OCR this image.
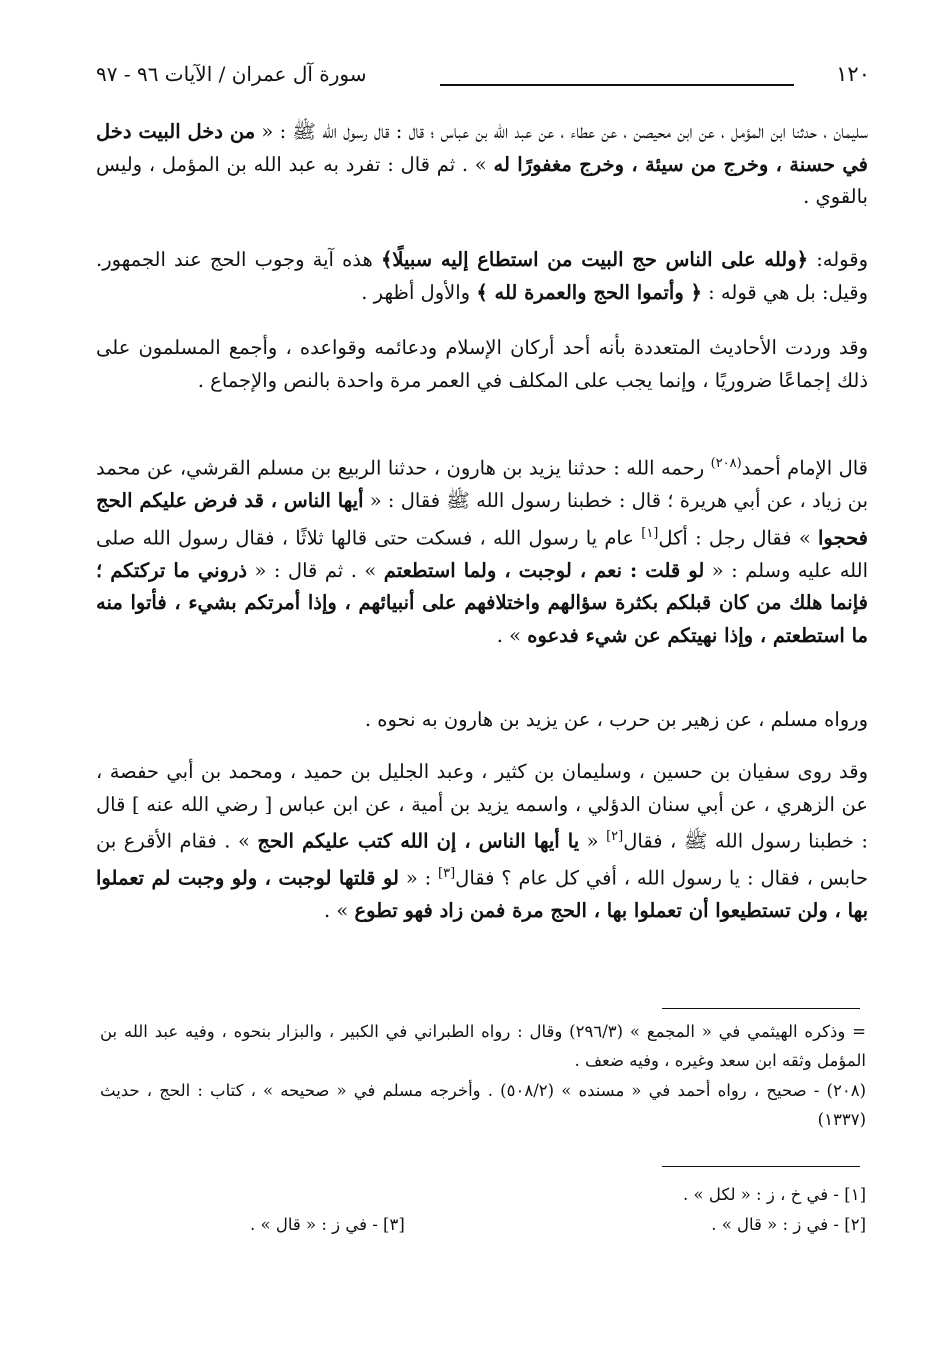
١٢٠
سورة آل عمران / الآيات ٩٦ - ٩٧

سليمان ، حدثنا ابن المؤمل ، عن ابن محيصن ، عن عطاء ، عن عبد الله بن عباس ؛ قال : قال رسول الله ﷺ : « من دخل البيت دخل في حسنة ، وخرج من سيئة ، وخرج مغفورًا له » . ثم قال : تفرد به عبد الله بن المؤمل ، وليس بالقوي .

وقوله: ﴿ولله على الناس حج البيت من استطاع إليه سبيلًا﴾ هذه آية وجوب الحج عند الجمهور. وقيل: بل هي قوله : ﴿ وأتموا الحج والعمرة لله ﴾ والأول أظهر .

وقد وردت الأحاديث المتعددة بأنه أحد أركان الإسلام ودعائمه وقواعده ، وأجمع المسلمون على ذلك إجماعًا ضروريًا ، وإنما يجب على المكلف في العمر مرة واحدة بالنص والإجماع .

قال الإمام أحمد$^{(٢٠٨)}$ رحمه الله : حدثنا يزيد بن هارون ، حدثنا الربيع بن مسلم القرشي، عن محمد بن زياد ، عن أبي هريرة ؛ قال : خطبنا رسول الله ﷺ فقال : « أيها الناس ، قد فرض عليكم الحج فحجوا » فقال رجل : أكل[١] عام يا رسول الله ، فسكت حتى قالها ثلاثًا ، فقال رسول الله صلى الله عليه وسلم : « لو قلت : نعم ، لوجبت ، ولما استطعتم » . ثم قال : « ذروني ما تركتكم ؛ فإنما هلك من كان قبلكم بكثرة سؤالهم واختلافهم على أنبيائهم ، وإذا أمرتكم بشيء ، فأتوا منه ما استطعتم ، وإذا نهيتكم عن شيء فدعوه » .

ورواه مسلم ، عن زهير بن حرب ، عن يزيد بن هارون به نحوه .

وقد روى سفيان بن حسين ، وسليمان بن كثير ، وعبد الجليل بن حميد ، ومحمد بن أبي حفصة ، عن الزهري ، عن أبي سنان الدؤلي ، واسمه يزيد بن أمية ، عن ابن عباس [ رضي الله عنه ] قال : خطبنا رسول الله ﷺ ، فقال[٢] « يا أيها الناس ، إن الله كتب عليكم الحج » . فقام الأقرع بن حابس ، فقال : يا رسول الله ، أفي كل عام ؟ فقال[٣] : « لو قلتها لوجبت ، ولو وجبت لم تعملوا بها ، ولن تستطيعوا أن تعملوا بها ، الحج مرة فمن زاد فهو تطوع » .

= وذكره الهيثمي في « المجمع » (٢٩٦/٣) وقال : رواه الطبراني في الكبير ، والبزار بنحوه ، وفيه عبد الله بن المؤمل وثقه ابن سعد وغيره ، وفيه ضعف .

(٢٠٨) - صحيح ، رواه أحمد في « مسنده » (٥٠٨/٢) . وأخرجه مسلم في « صحيحه » ، كتاب : الحج ، حديث (١٣٣٧)

[١] - في خ ، ز : « لكل » .

[٢] - في ز : « قال » .

[٣] - في ز : « قال » .
